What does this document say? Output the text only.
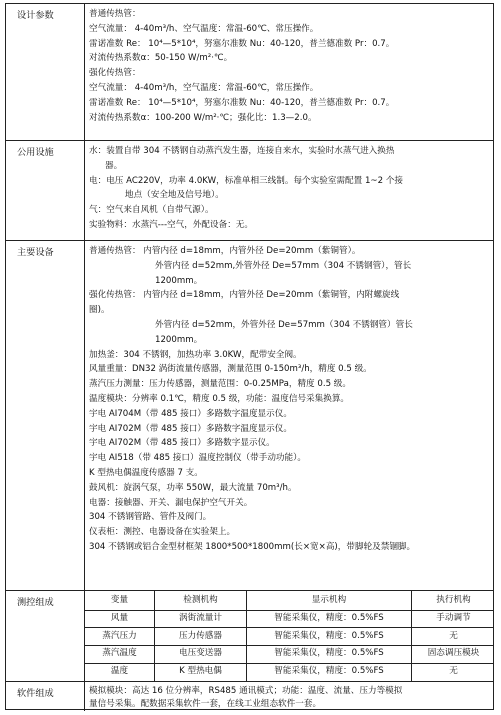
设计参数	普通传热管：
空气流量： 4-40m³/h、空气温度：常温-60℃、常压操作。
雷诺准数 Re： 10⁴—5*10⁴，努塞尔准数 Nu：40-120，普兰德准数 Pr：0.7。
对流传热系数α：50-150 W/m²·℃。
强化传热管：
空气流量： 4-40m³/h，空气温度：常温-60℃，常压操作。
雷诺准数 Re： 10⁴—5*10⁴，努塞尔准数 Nu：40-120，普兰德准数 Pr：0.7。
对流传热系数α：100-200 W/m²·℃；强化比：1.3—2.0。
公用设施	水：装置自带 304 不锈钢自动蒸汽发生器，连接自来水，实验时水蒸气进入换热
器。
电：电压 AC220V，功率 4.0KW，标准单相三线制。每个实验室需配置 1~2 个接
地点（安全地及信号地）。
气：空气来自风机（自带气源）。
实验物料：水蒸汽---空气，外配设备：无。
主要设备	普通传热管： 内管内径 d=18mm，内管外径 De=20mm（紫铜管）。
外管内径 d=52mm,外管外径 De=57mm（304 不锈钢管），管长
1200mm。
强化传热管： 内管内径 d=18mm，内管外径 De=20mm（紫铜管，内附螺旋线
圈)。
外管内径 d=52mm，外管外径 De=57mm（304 不锈钢管）管长
1200mm。
加热釜：304 不锈钢，加热功率 3.0KW，配带安全阀。
风量重量：DN32 涡街流量传感器，测量范围 0-150m³/h，精度 0.5 级。
蒸汽压力测量：压力传感器，测量范围：0-0.25MPa，精度 0.5 级。
温度模块：分辨率 0.1℃，精度 0.5 级，功能：温度信号采集换算。
宇电 AI704M（带 485 接口）多路数字温度显示仪。
宇电 AI702M（带 485 接口）多路数字温度显示仪。
宇电 AI702M（带 485 接口）多路数字显示仪。
宇电 AI518（带 485 接口）温度控制仪（带手动功能）。
K 型热电偶温度传感器 7 支。
鼓风机：旋涡气泵，功率 550W，最大流量 70m³/h。
电器：接触器、开关、漏电保护空气开关。
304 不锈钢管路、管件及阀门。
仪表柜：测控、电器设备在实验架上。
304 不锈钢或铝合金型材框架 1800*500*1800mm(长×宽×高)，带脚轮及禁锢脚。
测控组成	变量	检测机构	显示机构	执行机构
风量	涡街流量计	智能采集仪，精度：0.5%FS	手动调节
蒸汽压力	压力传感器	智能采集仪，精度：0.5%FS	无
蒸汽温度	电压变送器	智能采集仪，精度：0.5%FS	固态调压模块
温度	K 型热电偶	智能采集仪，精度：0.5%FS	无
软件组成	模拟模块：高达 16 位分辨率，RS485 通讯模式；功能：温度、流量、压力等模拟
量信号采集。配数据采集软件一套，在线工业组态软件一套。
